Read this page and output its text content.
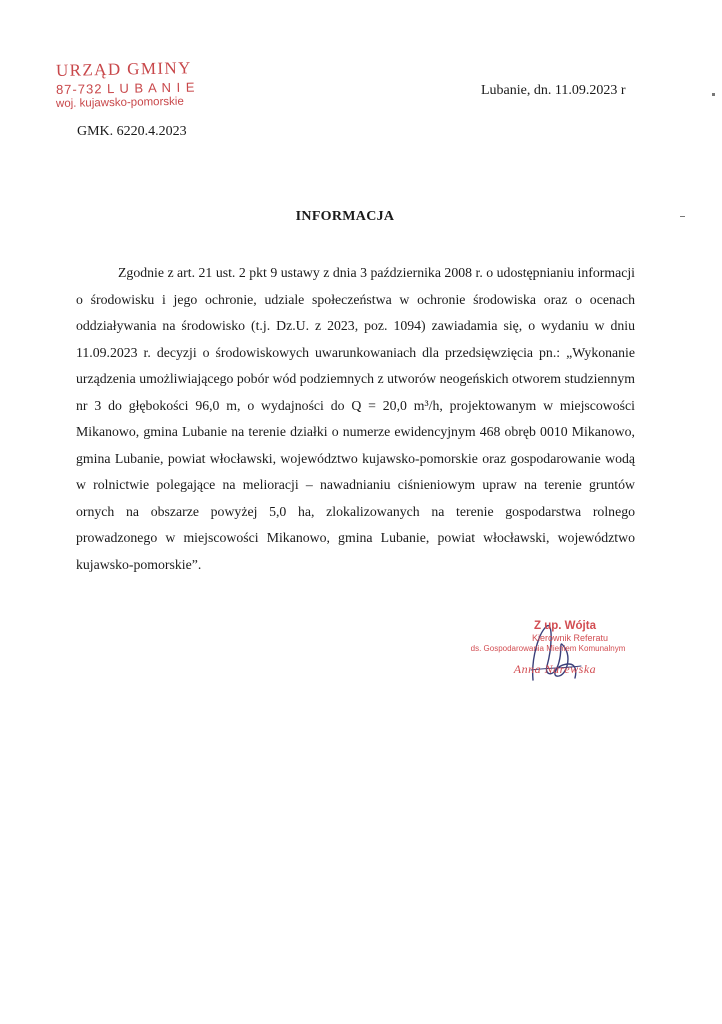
URZĄD GMINY
87-732 L U B A N I E
woj. kujawsko-pomorskie
Lubanie, dn. 11.09.2023 r
GMK. 6220.4.2023
INFORMACJA

Zgodnie z art. 21 ust. 2 pkt 9 ustawy z dnia 3 października 2008 r. o udostępnianiu informacji o środowisku i jego ochronie, udziale społeczeństwa w ochronie środowiska oraz o ocenach oddziaływania na środowisko (t.j. Dz.U. z 2023, poz. 1094) zawiadamia się, o wydaniu w dniu 11.09.2023 r. decyzji o środowiskowych uwarunkowaniach dla przedsięwzięcia pn.: „Wykonanie urządzenia umożliwiającego pobór wód podziemnych z utworów neogeńskich otworem studziennym nr 3 do głębokości 96,0 m, o wydajności do Q = 20,0 m³/h, projektowanym w miejscowości Mikanowo, gmina Lubanie na terenie działki o numerze ewidencyjnym 468 obręb 0010 Mikanowo, gmina Lubanie, powiat włocławski, województwo kujawsko-pomorskie oraz gospodarowanie wodą w rolnictwie polegające na melioracji – nawadnianiu ciśnieniowym upraw na terenie gruntów ornych na obszarze powyżej 5,0 ha, zlokalizowanych na terenie gospodarstwa rolnego prowadzonego w miejscowości Mikanowo, gmina Lubanie, powiat włocławski, województwo kujawsko-pomorskie”.

Z up. Wójta
Kierownik Referatu
ds. Gospodarowania Mieniem Komunalnym
Anna Narewska
